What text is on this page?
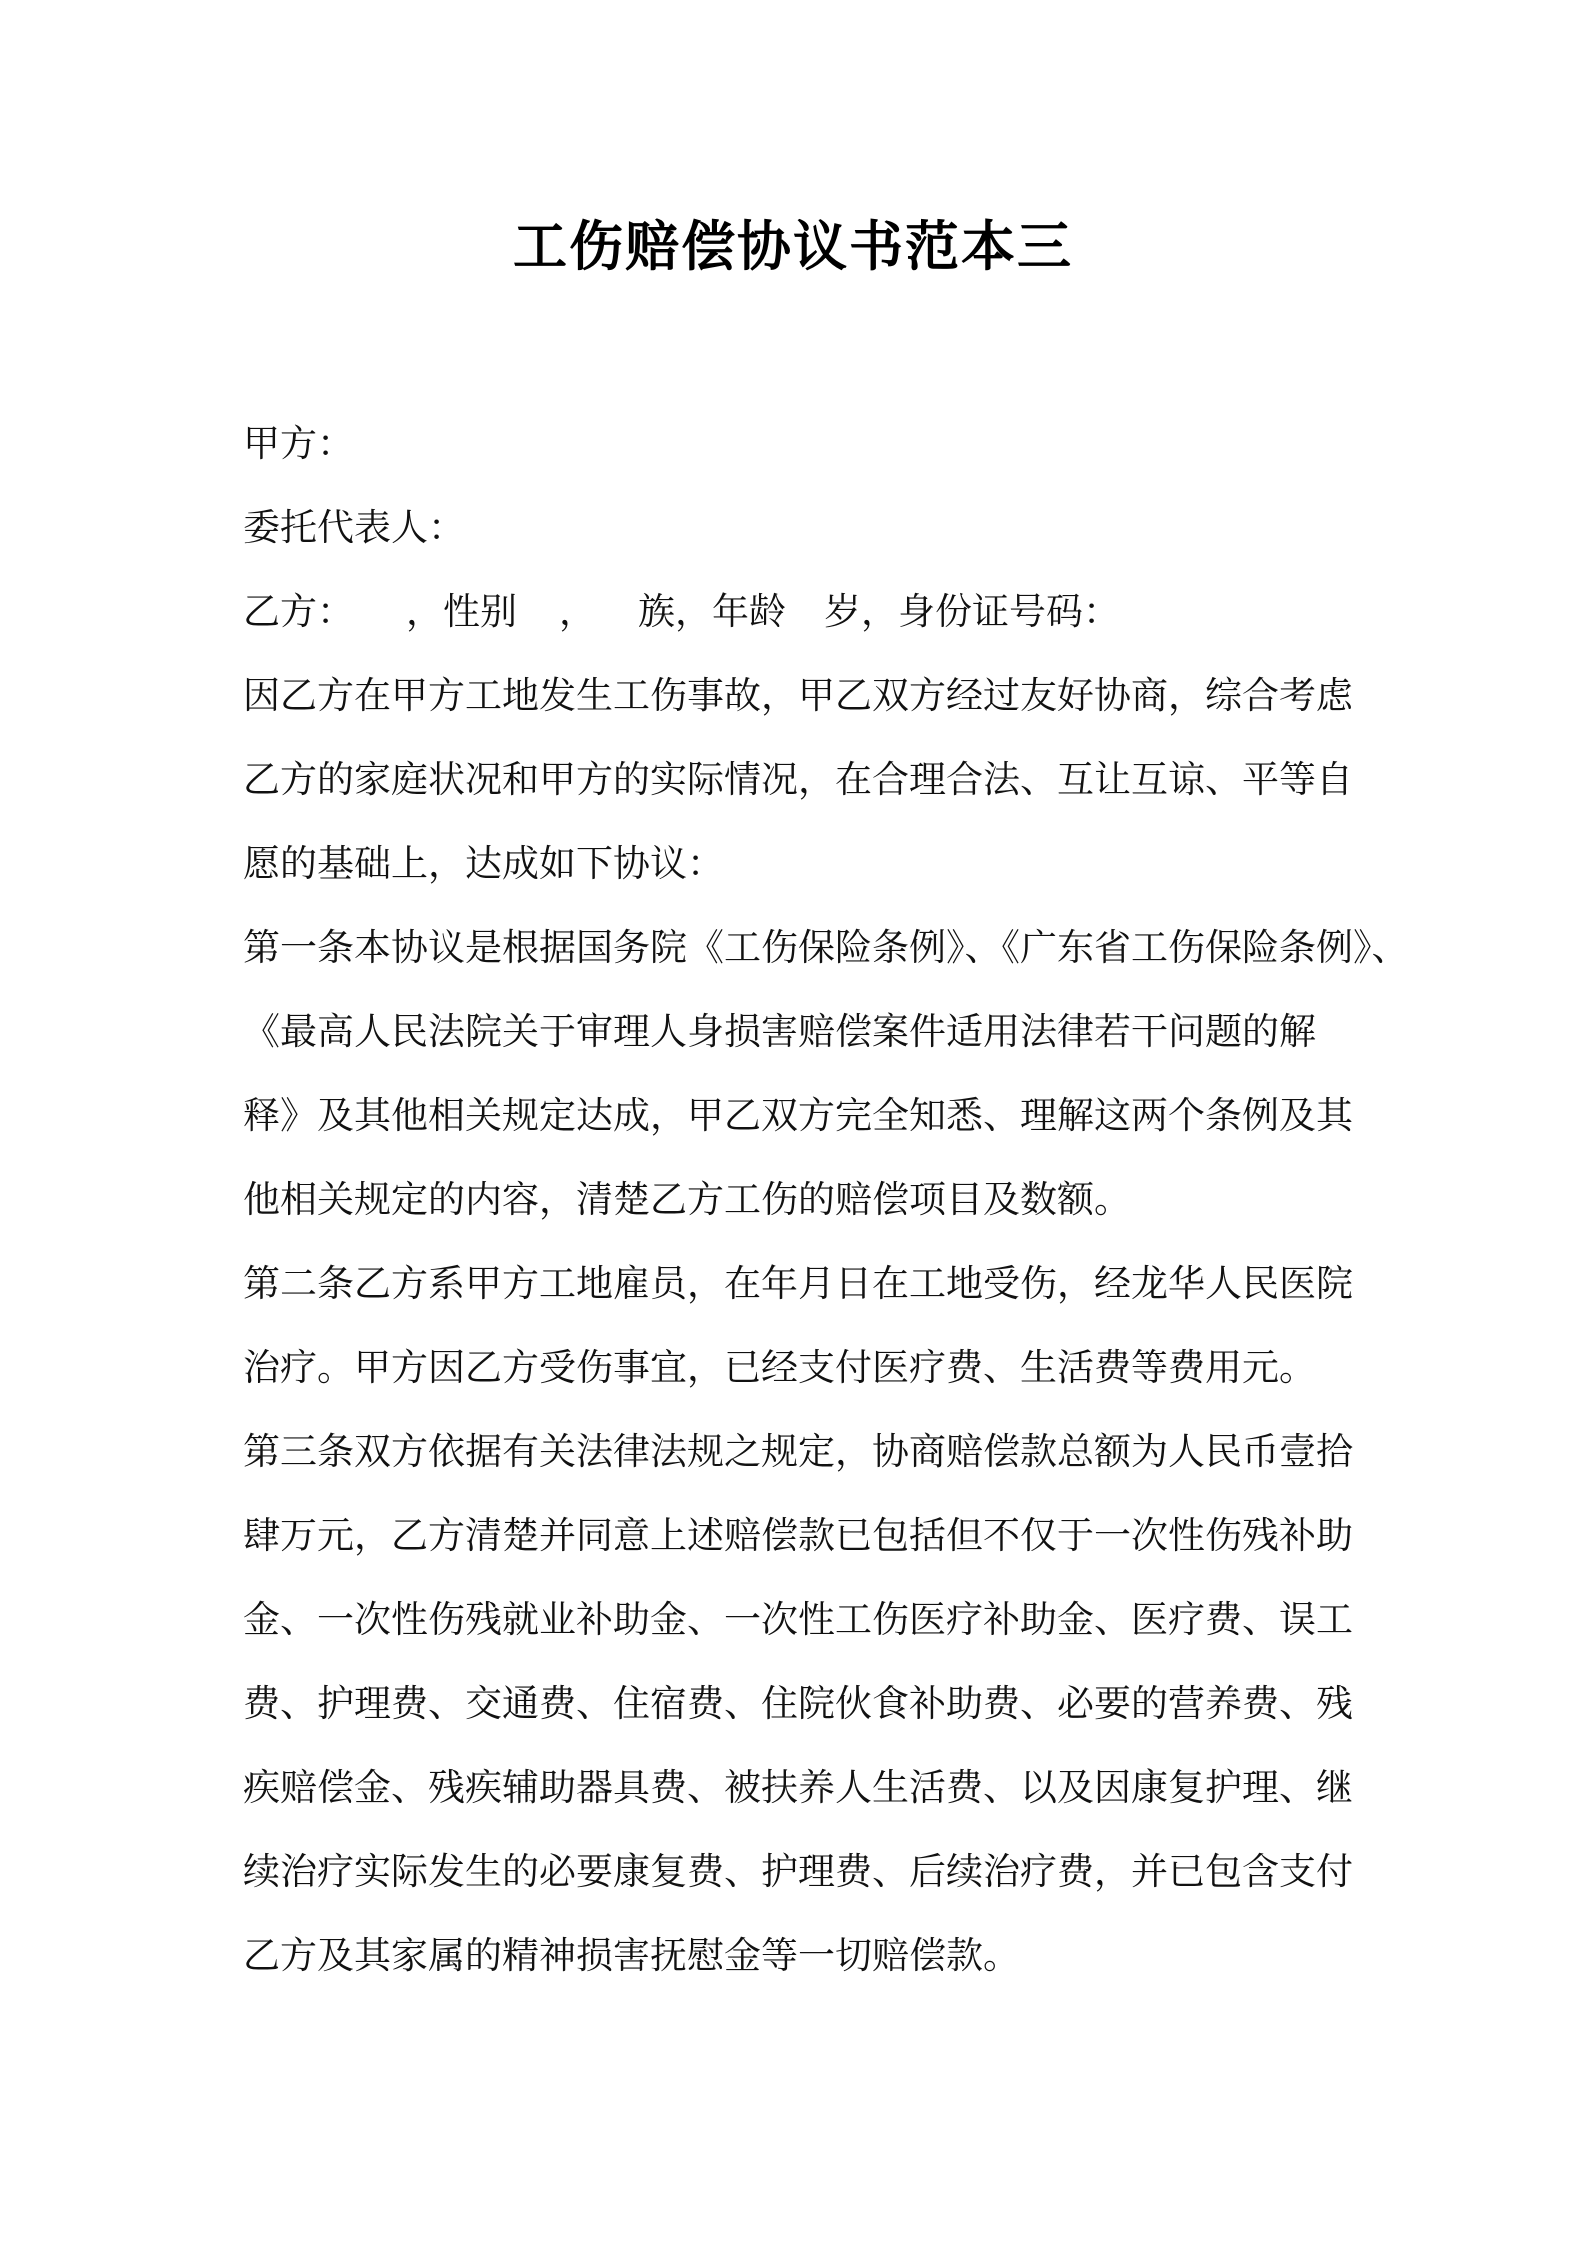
工伤赔偿协议书范本三
甲方：
委托代表人：
乙方： ，性别 ， 族，年龄 岁，身份证号码：
因乙方在甲方工地发生工伤事故，甲乙双方经过友好协商，综合考虑
乙方的家庭状况和甲方的实际情况，在合理合法、互让互谅、平等自
愿的基础上，达成如下协议：
第一条本协议是根据国务院《工伤保险条例》、《广东省工伤保险条例》、
《最高人民法院关于审理人身损害赔偿案件适用法律若干问题的解
释》及其他相关规定达成，甲乙双方完全知悉、理解这两个条例及其
他相关规定的内容，清楚乙方工伤的赔偿项目及数额。
第二条乙方系甲方工地雇员，在年月日在工地受伤，经龙华人民医院
治疗。甲方因乙方受伤事宜，已经支付医疗费、生活费等费用元。
第三条双方依据有关法律法规之规定，协商赔偿款总额为人民币壹拾
肆万元，乙方清楚并同意上述赔偿款已包括但不仅于一次性伤残补助
金、一次性伤残就业补助金、一次性工伤医疗补助金、医疗费、误工
费、护理费、交通费、住宿费、住院伙食补助费、必要的营养费、残
疾赔偿金、残疾辅助器具费、被扶养人生活费、以及因康复护理、继
续治疗实际发生的必要康复费、护理费、后续治疗费，并已包含支付
乙方及其家属的精神损害抚慰金等一切赔偿款。
